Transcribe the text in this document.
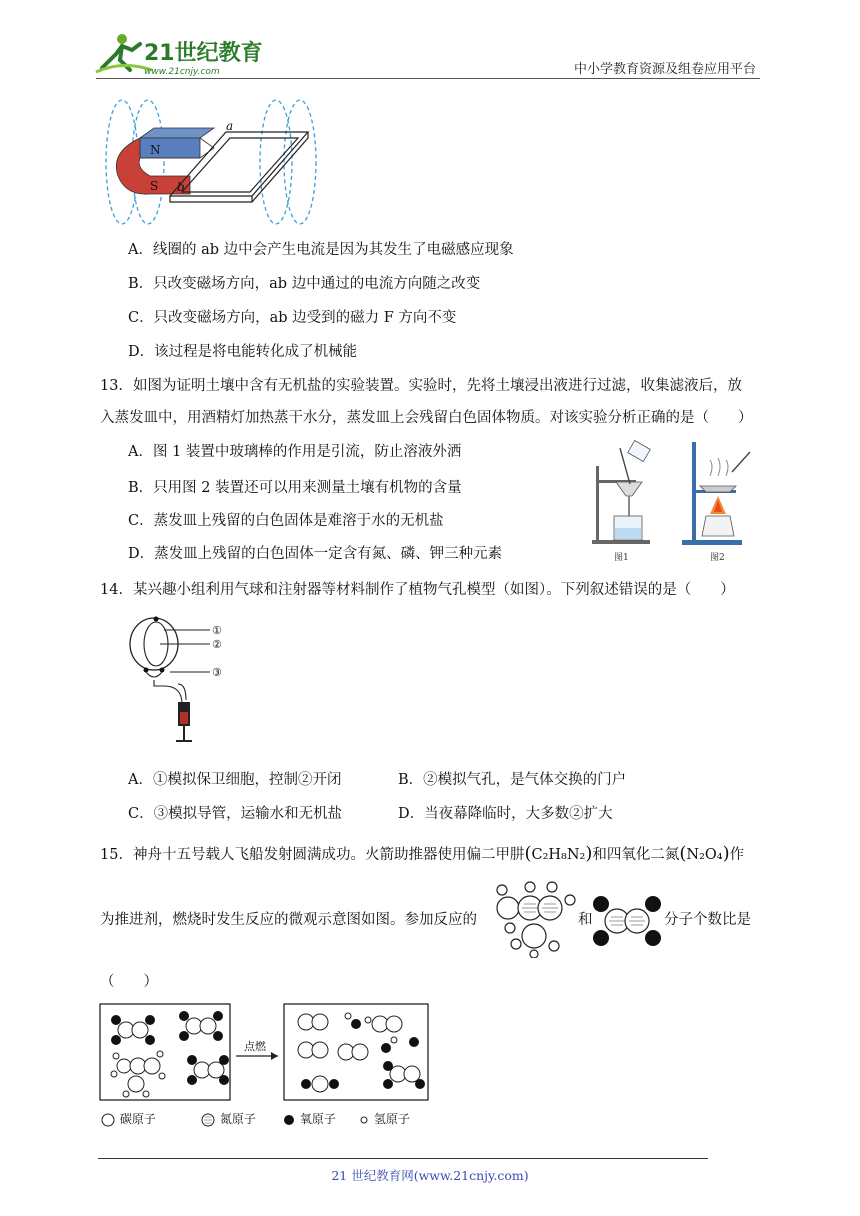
21世纪教育
www.21cnjy.com	中小学教育资源及组卷应用平台
N
S
a
b
A．线圈的 ab 边中会产生电流是因为其发生了电磁感应现象
B．只改变磁场方向，ab 边中通过的电流方向随之改变
C．只改变磁场方向，ab 边受到的磁力 F 方向不变
D．该过程是将电能转化成了机械能
13．如图为证明土壤中含有无机盐的实验装置。实验时，先将土壤浸出液进行过滤，收集滤液后，放
入蒸发皿中，用酒精灯加热蒸干水分，蒸发皿上会残留白色固体物质。对该实验分析正确的是（　　）
A．图 1 装置中玻璃棒的作用是引流，防止溶液外洒
B．只用图 2 装置还可以用来测量土壤有机物的含量
C．蒸发皿上残留的白色固体是难溶于水的无机盐
D．蒸发皿上残留的白色固体一定含有氮、磷、钾三种元素	图1	图2
14．某兴趣小组利用气球和注射器等材料制作了植物气孔模型（如图）。下列叙述错误的是（　　）
①
②
③
A．①模拟保卫细胞，控制②开闭	B．②模拟气孔，是气体交换的门户
C．③模拟导管，运输水和无机盐	D．当夜幕降临时，大多数②扩大
15．神舟十五号载人飞船发射圆满成功。火箭助推器使用偏二甲肼(C₂H₈N₂)和四氧化二氮(N₂O₄)作
为推进剂，燃烧时发生反应的微观示意图如图。参加反应的	和	分子个数比是
（　　）
点燃
碳原子	氮原子	氧原子	氢原子
21 世纪教育网(www.21cnjy.com)
